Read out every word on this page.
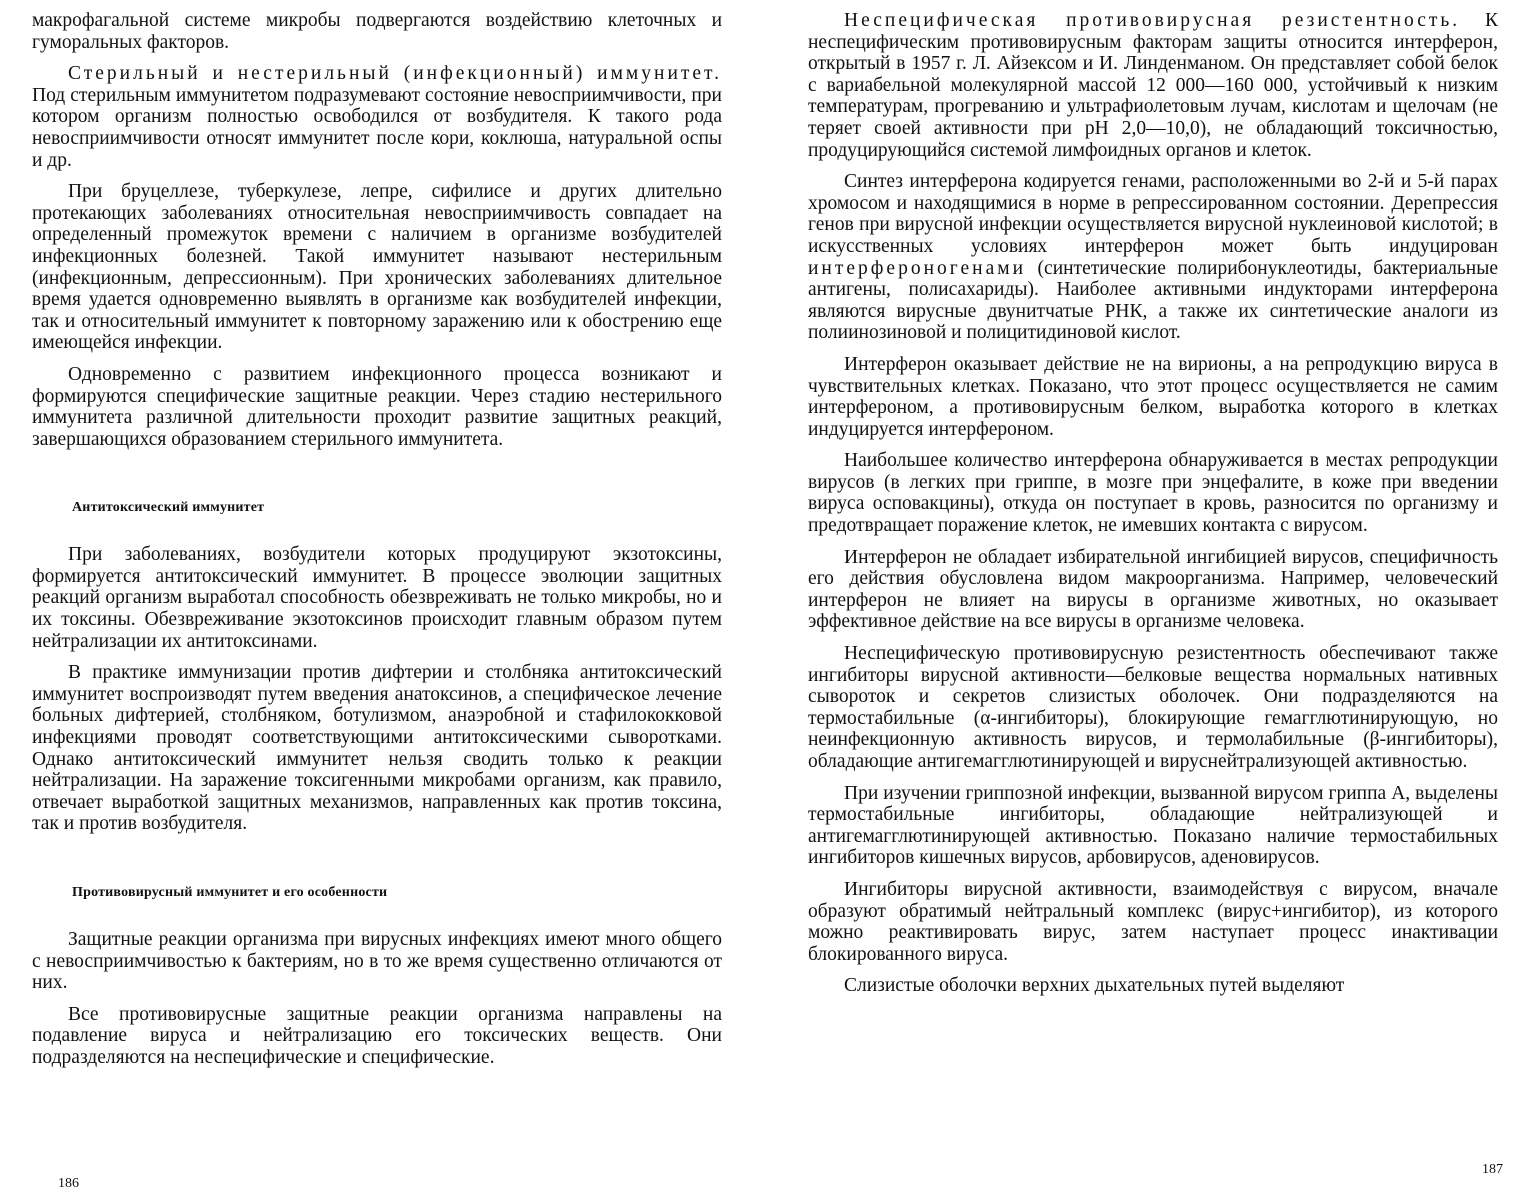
макрофагальной системе микробы подвергаются воздействию клеточных и гуморальных факторов.

Стерильный и нестерильный (инфекционный) иммунитет. Под стерильным иммунитетом подразумевают состояние невосприимчивости, при котором организм полностью освободился от возбудителя. К такого рода невосприимчивости относят иммунитет после кори, коклюша, натуральной оспы и др.

При бруцеллезе, туберкулезе, лепре, сифилисе и других длительно протекающих заболеваниях относительная невосприимчивость совпадает на определенный промежуток времени с наличием в организме возбудителей инфекционных болезней. Такой иммунитет называют нестерильным (инфекционным, депрессионным). При хронических заболеваниях длительное время удается одновременно выявлять в организме как возбудителей инфекции, так и относительный иммунитет к повторному заражению или к обострению еще имеющейся инфекции.

Одновременно с развитием инфекционного процесса возникают и формируются специфические защитные реакции. Через стадию нестерильного иммунитета различной длительности проходит развитие защитных реакций, завершающихся образованием стерильного иммунитета.

Антитоксический иммунитет

При заболеваниях, возбудители которых продуцируют экзотоксины, формируется антитоксический иммунитет. В процессе эволюции защитных реакций организм выработал способность обезвреживать не только микробы, но и их токсины. Обезвреживание экзотоксинов происходит главным образом путем нейтрализации их антитоксинами.

В практике иммунизации против дифтерии и столбняка антитоксический иммунитет воспроизводят путем введения анатоксинов, а специфическое лечение больных дифтерией, столбняком, ботулизмом, анаэробной и стафилококковой инфекциями проводят соответствующими антитоксическими сыворотками. Однако антитоксический иммунитет нельзя сводить только к реакции нейтрализации. На заражение токсигенными микробами организм, как правило, отвечает выработкой защитных механизмов, направленных как против токсина, так и против возбудителя.

Противовирусный иммунитет и его особенности

Защитные реакции организма при вирусных инфекциях имеют много общего с невосприимчивостью к бактериям, но в то же время существенно отличаются от них.

Все противовирусные защитные реакции организма направлены на подавление вируса и нейтрализацию его токсических веществ. Они подразделяются на неспецифические и специфические.

186

Неспецифическая противовирусная резистентность. К неспецифическим противовирусным факторам защиты относится интерферон, открытый в 1957 г. Л. Айзексом и И. Линденманом. Он представляет собой белок с вариабельной молекулярной массой 12 000—160 000, устойчивый к низким температурам, прогреванию и ультрафиолетовым лучам, кислотам и щелочам (не теряет своей активности при pH 2,0—10,0), не обладающий токсичностью, продуцирующийся системой лимфоидных органов и клеток.

Синтез интерферона кодируется генами, расположенными во 2-й и 5-й парах хромосом и находящимися в норме в репрессированном состоянии. Дерепрессия генов при вирусной инфекции осуществляется вирусной нуклеиновой кислотой; в искусственных условиях интерферон может быть индуцирован интерфероногенами (синтетические полирибонуклеотиды, бактериальные антигены, полисахариды). Наиболее активными индукторами интерферона являются вирусные двунитчатые РНК, а также их синтетические аналоги из полиинозиновой и полицитидиновой кислот.

Интерферон оказывает действие не на вирионы, а на репродукцию вируса в чувствительных клетках. Показано, что этот процесс осуществляется не самим интерфероном, а противовирусным белком, выработка которого в клетках индуцируется интерфероном.

Наибольшее количество интерферона обнаруживается в местах репродукции вирусов (в легких при гриппе, в мозге при энцефалите, в коже при введении вируса осповакцины), откуда он поступает в кровь, разносится по организму и предотвращает поражение клеток, не имевших контакта с вирусом.

Интерферон не обладает избирательной ингибицией вирусов, специфичность его действия обусловлена видом макроорганизма. Например, человеческий интерферон не влияет на вирусы в организме животных, но оказывает эффективное действие на все вирусы в организме человека.

Неспецифическую противовирусную резистентность обеспечивают также ингибиторы вирусной активности—белковые вещества нормальных нативных сывороток и секретов слизистых оболочек. Они подразделяются на термостабильные (α-ингибиторы), блокирующие гемагглютинирующую, но неинфекционную активность вирусов, и термолабильные (β-ингибиторы), обладающие антигемагглютинирующей и вируснейтрализующей активностью.

При изучении гриппозной инфекции, вызванной вирусом гриппа А, выделены термостабильные ингибиторы, обладающие нейтрализующей и антигемагглютинирующей активностью. Показано наличие термостабильных ингибиторов кишечных вирусов, арбовирусов, аденовирусов.

Ингибиторы вирусной активности, взаимодействуя с вирусом, вначале образуют обратимый нейтральный комплекс (вирус+ингибитор), из которого можно реактивировать вирус, затем наступает процесс инактивации блокированного вируса.

Слизистые оболочки верхних дыхательных путей выделяют

187
